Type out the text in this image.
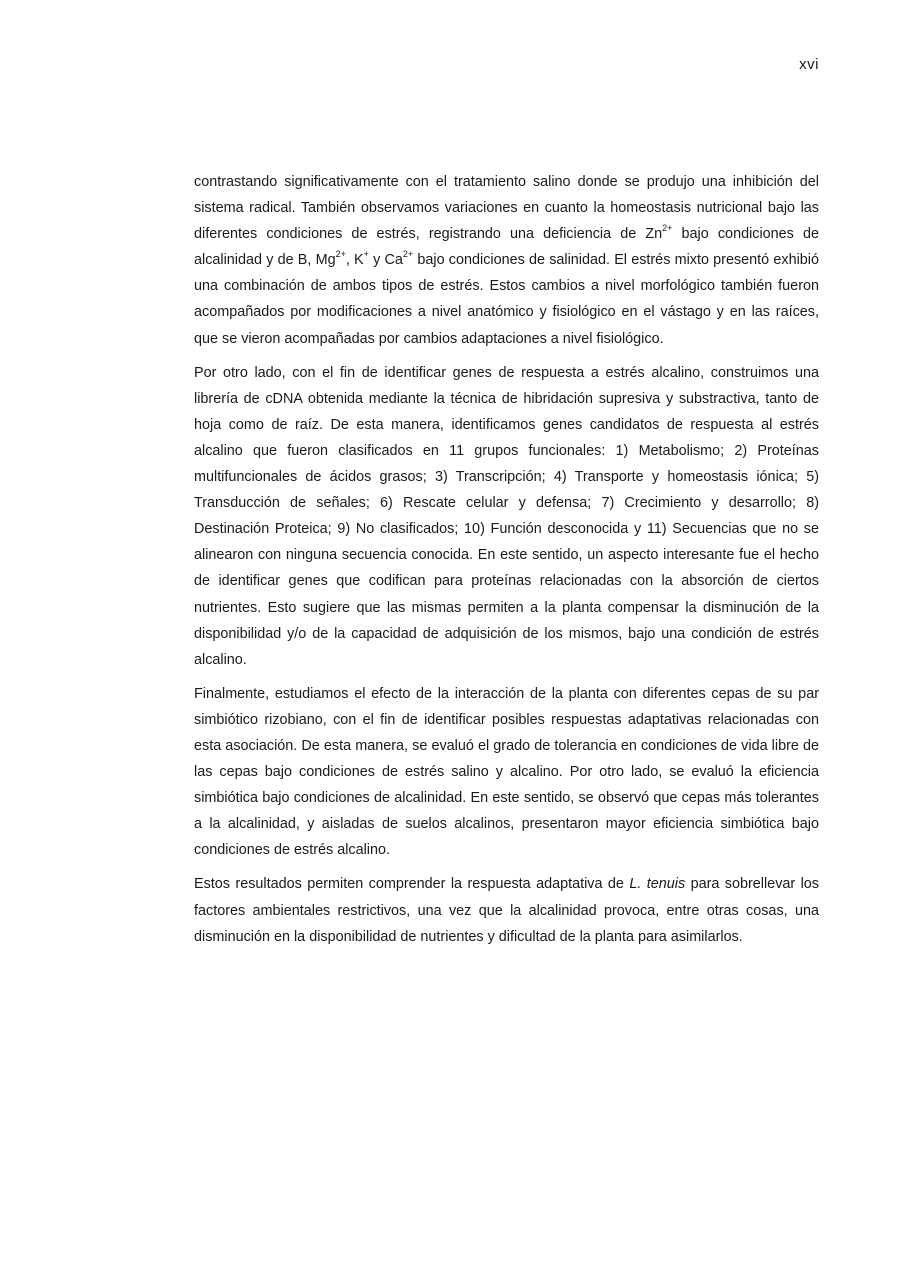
xvi

contrastando significativamente con el tratamiento salino donde se produjo una inhibición del sistema radical. También observamos variaciones en cuanto la homeostasis nutricional bajo las diferentes condiciones de estrés, registrando una deficiencia de $Zn^{2+}$ bajo condiciones de alcalinidad y de B, $Mg^{2+}$, K+ y $Ca^{2+}$ bajo condiciones de salinidad. El estrés mixto presentó exhibió una combinación de ambos tipos de estrés. Estos cambios a nivel morfológico también fueron acompañados por modificaciones a nivel anatómico y fisiológico en el vástago y en las raíces, que se vieron acompañadas por cambios adaptaciones a nivel fisiológico.

Por otro lado, con el fin de identificar genes de respuesta a estrés alcalino, construimos una librería de cDNA obtenida mediante la técnica de hibridación supresiva y substractiva, tanto de hoja como de raíz. De esta manera, identificamos genes candidatos de respuesta al estrés alcalino que fueron clasificados en 11 grupos funcionales: 1) Metabolismo; 2) Proteínas multifuncionales de ácidos grasos; 3) Transcripción; 4) Transporte y homeostasis iónica; 5) Transducción de señales; 6) Rescate celular y defensa; 7) Crecimiento y desarrollo; 8) Destinación Proteica; 9) No clasificados; 10) Función desconocida y 11) Secuencias que no se alinearon con ninguna secuencia conocida. En este sentido, un aspecto interesante fue el hecho de identificar genes que codifican para proteínas relacionadas con la absorción de ciertos nutrientes. Esto sugiere que las mismas permiten a la planta compensar la disminución de la disponibilidad y/o de la capacidad de adquisición de los mismos, bajo una condición de estrés alcalino.

Finalmente, estudiamos el efecto de la interacción de la planta con diferentes cepas de su par simbiótico rizobiano, con el fin de identificar posibles respuestas adaptativas relacionadas con esta asociación. De esta manera, se evaluó el grado de tolerancia en condiciones de vida libre de las cepas bajo condiciones de estrés salino y alcalino. Por otro lado, se evaluó la eficiencia simbiótica bajo condiciones de alcalinidad. En este sentido, se observó que cepas más tolerantes a la alcalinidad, y aisladas de suelos alcalinos, presentaron mayor eficiencia simbiótica bajo condiciones de estrés alcalino.

Estos resultados permiten comprender la respuesta adaptativa de L. tenuis para sobrellevar los factores ambientales restrictivos, una vez que la alcalinidad provoca, entre otras cosas, una disminución en la disponibilidad de nutrientes y dificultad de la planta para asimilarlos.
